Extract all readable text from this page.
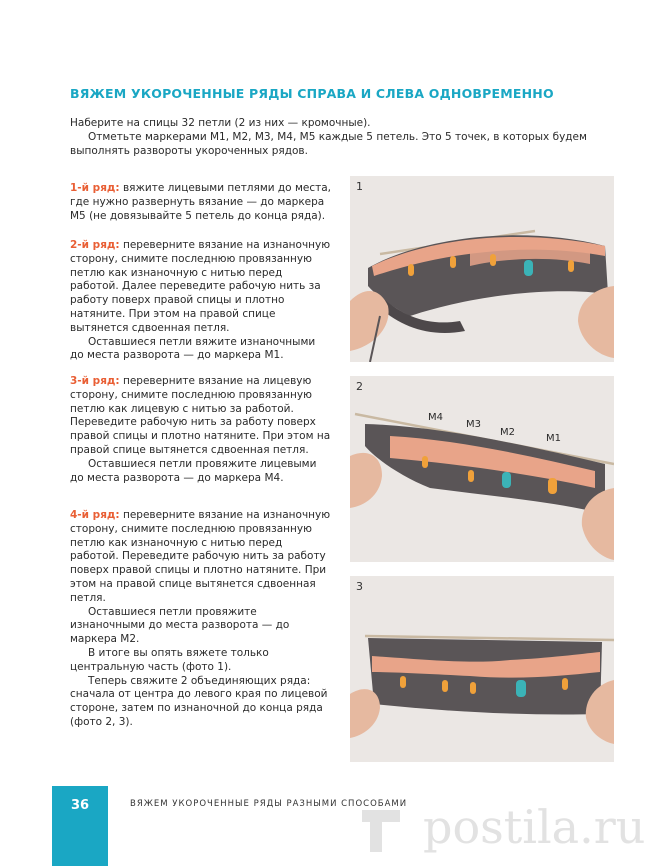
ВЯЖЕМ УКОРОЧЕННЫЕ РЯДЫ СПРАВА И СЛЕВА ОДНОВРЕМЕННО

Наберите на спицы 32 петли (2 из них — кромочные).

Отметьте маркерами М1, М2, М3, М4, М5 каждые 5 петель. Это 5 точек, в которых будем выполнять развороты укороченных рядов.

1-й ряд: вяжите лицевыми петлями до места, где нужно развернуть вязание — до маркера М5 (не довязывайте 5 петель до конца ряда).

2-й ряд: переверните вязание на изнаночную сторону, снимите последнюю провязанную петлю как изнаночную с нитью перед работой. Далее переведите рабочую нить за работу поверх правой спицы и плотно натяните. При этом на правой спице вытянется сдвоенная петля.

Оставшиеся петли вяжите изнаночными до места разворота — до маркера М1.

3-й ряд: переверните вязание на лицевую сторону, снимите последнюю провязанную петлю как лицевую с нитью за работой. Переведите рабочую нить за работу поверх правой спицы и плотно натяните. При этом на правой спице вытянется сдвоенная петля.

Оставшиеся петли провяжите лицевыми до места разворота — до маркера М4.

4-й ряд: переверните вязание на изнаночную сторону, снимите последнюю провязанную петлю как изнаночную с нитью перед работой. Переведите рабочую нить за работу поверх правой спицы и плотно натяните. При этом на правой спице вытянется сдвоенная петля.

Оставшиеся петли провяжите изнаночными до места разворота — до маркера М2.

В итоге вы опять вяжете только центральную часть (фото 1).

Теперь свяжите 2 объединяющих ряда: сначала от центра до левого края по лицевой стороне, затем по изнаночной до конца ряда (фото 2, 3).

1
2
М4
М3
М2
М1
3
36	ВЯЖЕМ УКОРОЧЕННЫЕ РЯДЫ РАЗНЫМИ СПОСОБАМИ postila.ru
